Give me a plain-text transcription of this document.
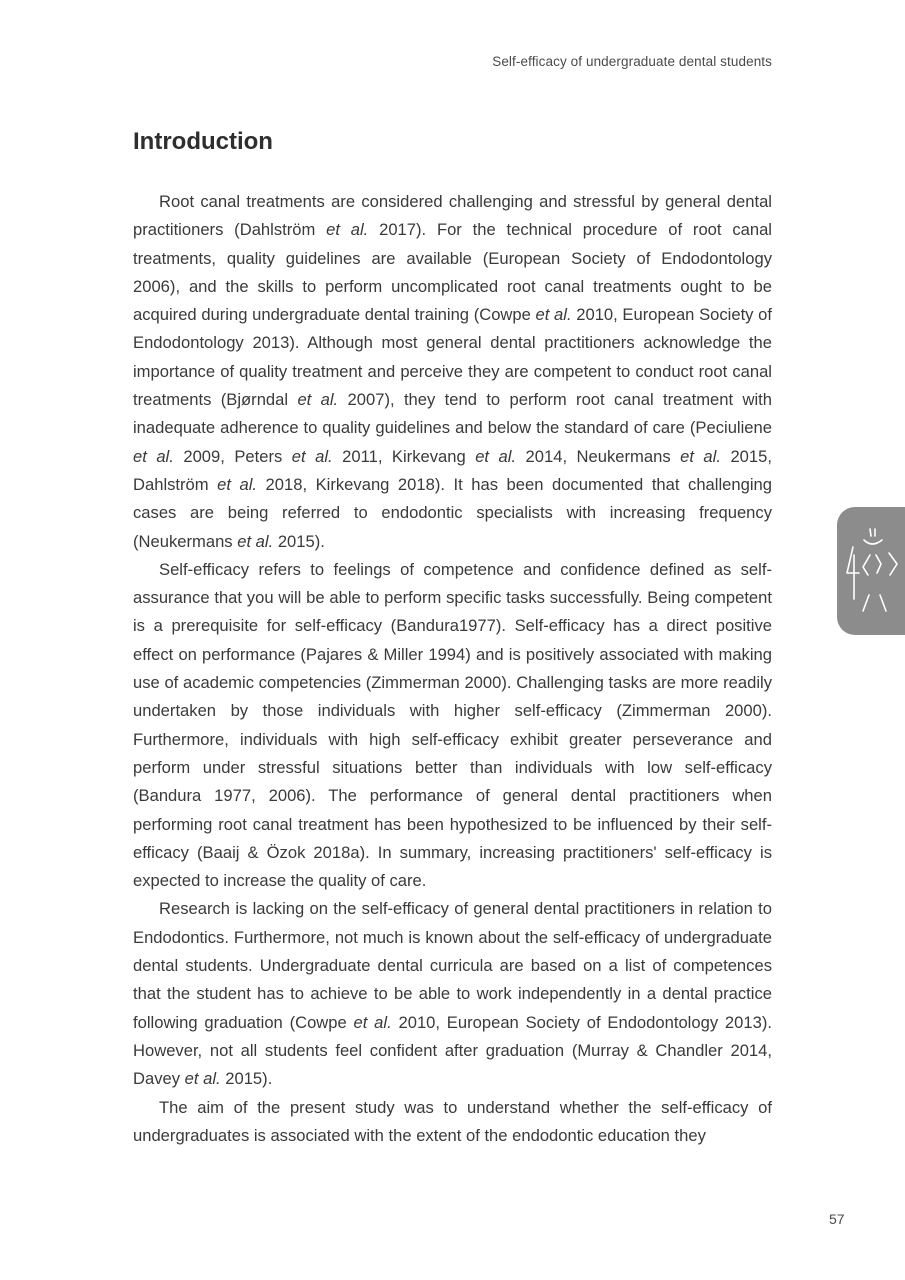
Self-efficacy of undergraduate dental students
Introduction

Root canal treatments are considered challenging and stressful by general dental practitioners (Dahlström et al. 2017). For the technical procedure of root canal treatments, quality guidelines are available (European Society of Endodontology 2006), and the skills to perform uncomplicated root canal treatments ought to be acquired during undergraduate dental training (Cowpe et al. 2010, European Society of Endodontology 2013). Although most general dental practitioners acknowledge the importance of quality treatment and perceive they are competent to conduct root canal treatments (Bjørndal et al. 2007), they tend to perform root canal treatment with inadequate adherence to quality guidelines and below the standard of care (Peciuliene et al. 2009, Peters et al. 2011, Kirkevang et al. 2014, Neukermans et al. 2015, Dahlström et al. 2018, Kirkevang 2018). It has been documented that challenging cases are being referred to endodontic specialists with increasing frequency (Neukermans et al. 2015).

Self-efficacy refers to feelings of competence and confidence defined as self-assurance that you will be able to perform specific tasks successfully. Being competent is a prerequisite for self-efficacy (Bandura1977). Self-efficacy has a direct positive effect on performance (Pajares & Miller 1994) and is positively associated with making use of academic competencies (Zimmerman 2000). Challenging tasks are more readily undertaken by those individuals with higher self-efficacy (Zimmerman 2000). Furthermore, individuals with high self-efficacy exhibit greater perseverance and perform under stressful situations better than individuals with low self-efficacy (Bandura 1977, 2006). The performance of general dental practitioners when performing root canal treatment has been hypothesized to be influenced by their self-efficacy (Baaij & Özok 2018a). In summary, increasing practitioners' self-efficacy is expected to increase the quality of care.

Research is lacking on the self-efficacy of general dental practitioners in relation to Endodontics. Furthermore, not much is known about the self-efficacy of undergraduate dental students. Undergraduate dental curricula are based on a list of competences that the student has to achieve to be able to work independently in a dental practice following graduation (Cowpe et al. 2010, European Society of Endodontology 2013). However, not all students feel confident after graduation (Murray & Chandler 2014, Davey et al. 2015).

The aim of the present study was to understand whether the self-efficacy of undergraduates is associated with the extent of the endodontic education they

57
